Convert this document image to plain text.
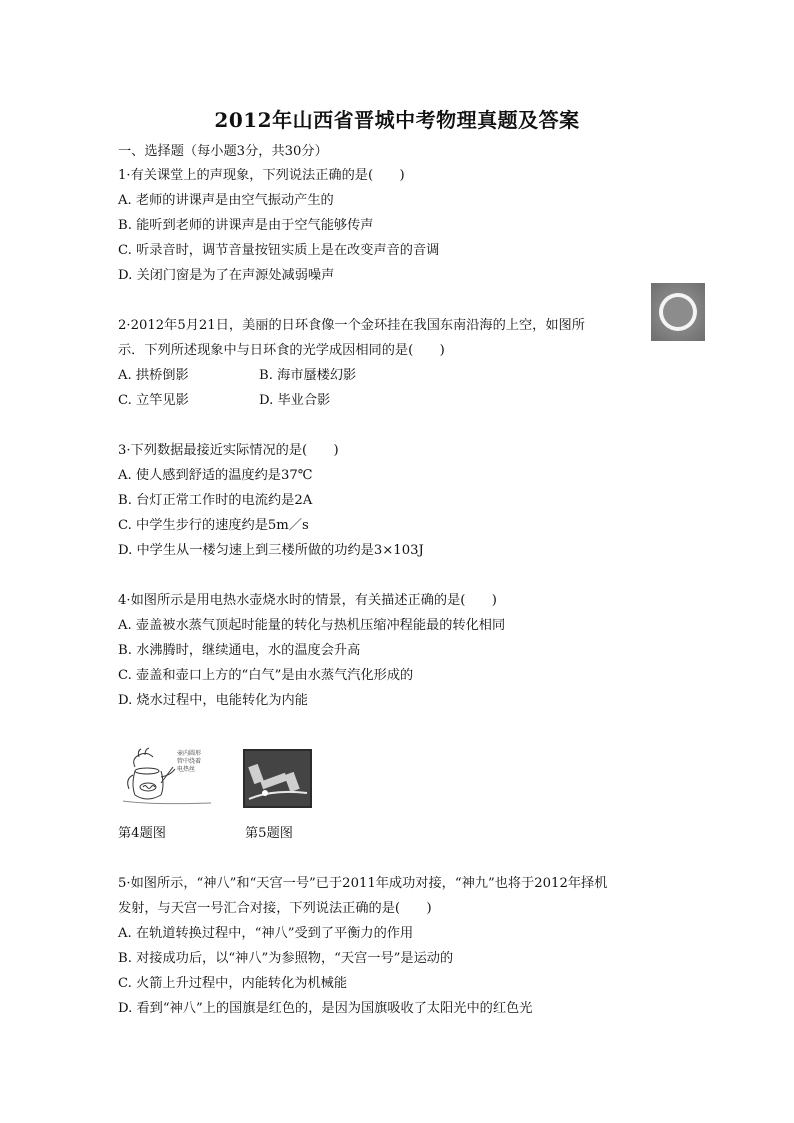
2012年山西省晋城中考物理真题及答案
一、选择题（每小题3分，共30分）
1·有关课堂上的声现象，下列说法正确的是(　　)
A. 老师的讲课声是由空气振动产生的
B. 能听到老师的讲课声是由于空气能够传声
C. 听录音时，调节音量按钮实质上是在改变声音的音调
D. 关闭门窗是为了在声源处减弱噪声
2·2012年5月21日，美丽的日环食像一个金环挂在我国东南沿海的上空，如图所
示．下列所述现象中与日环食的光学成因相同的是(　　)
A. 拱桥倒影	B. 海市蜃楼幻影
C. 立竿见影	D. 毕业合影
3·下列数据最接近实际情况的是(　　)
A. 使人感到舒适的温度约是37℃
B. 台灯正常工作时的电流约是2A
C. 中学生步行的速度约是5m／s
D. 中学生从一楼匀速上到三楼所做的功约是3×103J
4·如图所示是用电热水壶烧水时的情景，有关描述正确的是(　　)
A. 壶盖被水蒸气顶起时能量的转化与热机压缩冲程能最的转化相同
B. 水沸腾时，继续通电，水的温度会升高
C. 壶盖和壶口上方的“白气”是由水蒸气汽化形成的
D. 烧水过程中，电能转化为内能
壶内圆形
管中绕着
电热丝
第4题图	第5题图
5·如图所示，“神八”和“天宫一号”已于2011年成功对接，“神九”也将于2012年择机
发射，与天宫一号汇合对接，下列说法正确的是(　　)
A. 在轨道转换过程中，“神八”受到了平衡力的作用
B. 对接成功后，以“神八”为参照物，“天宫一号”是运动的
C. 火箭上升过程中，内能转化为机械能
D. 看到“神八”上的国旗是红色的，是因为国旗吸收了太阳光中的红色光
